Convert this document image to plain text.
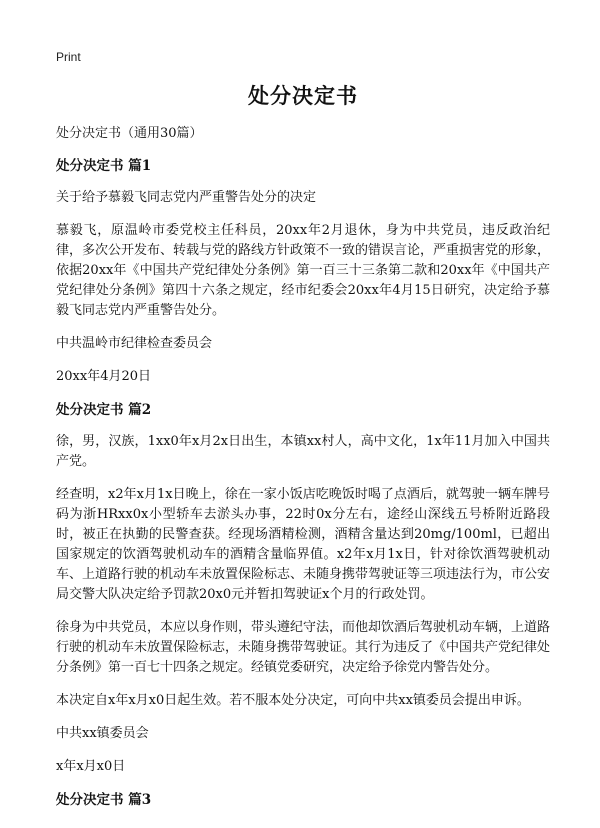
Print
处分决定书

处分决定书（通用30篇）

处分决定书 篇1

关于给予慕毅飞同志党内严重警告处分的决定

慕毅飞，原温岭市委党校主任科员，20xx年2月退休，身为中共党员，违反政治纪律，多次公开发布、转载与党的路线方针政策不一致的错误言论，严重损害党的形象，依据20xx年《中国共产党纪律处分条例》第一百三十三条第二款和20xx年《中国共产党纪律处分条例》第四十六条之规定，经市纪委会20xx年4月15日研究，决定给予慕毅飞同志党内严重警告处分。

中共温岭市纪律检查委员会

20xx年4月20日

处分决定书 篇2

徐，男，汉族，1xx0年x月2x日出生，本镇xx村人，高中文化，1x年11月加入中国共产党。

经查明，x2年x月1x日晚上，徐在一家小饭店吃晚饭时喝了点酒后，就驾驶一辆车牌号码为浙HRxx0x小型轿车去淤头办事，22时0x分左右，途经山深线五号桥附近路段时，被正在执勤的民警查获。经现场酒精检测，酒精含量达到20mg/100ml，已超出国家规定的饮酒驾驶机动车的酒精含量临界值。x2年x月1x日，针对徐饮酒驾驶机动车、上道路行驶的机动车未放置保险标志、未随身携带驾驶证等三项违法行为，市公安局交警大队决定给予罚款20x0元并暂扣驾驶证x个月的行政处罚。

徐身为中共党员，本应以身作则，带头遵纪守法，而他却饮酒后驾驶机动车辆，上道路行驶的机动车未放置保险标志，未随身携带驾驶证。其行为违反了《中国共产党纪律处分条例》第一百七十四条之规定。经镇党委研究，决定给予徐党内警告处分。

本决定自x年x月x0日起生效。若不服本处分决定，可向中共xx镇委员会提出申诉。

中共xx镇委员会

x年x月x0日

处分决定书 篇3
